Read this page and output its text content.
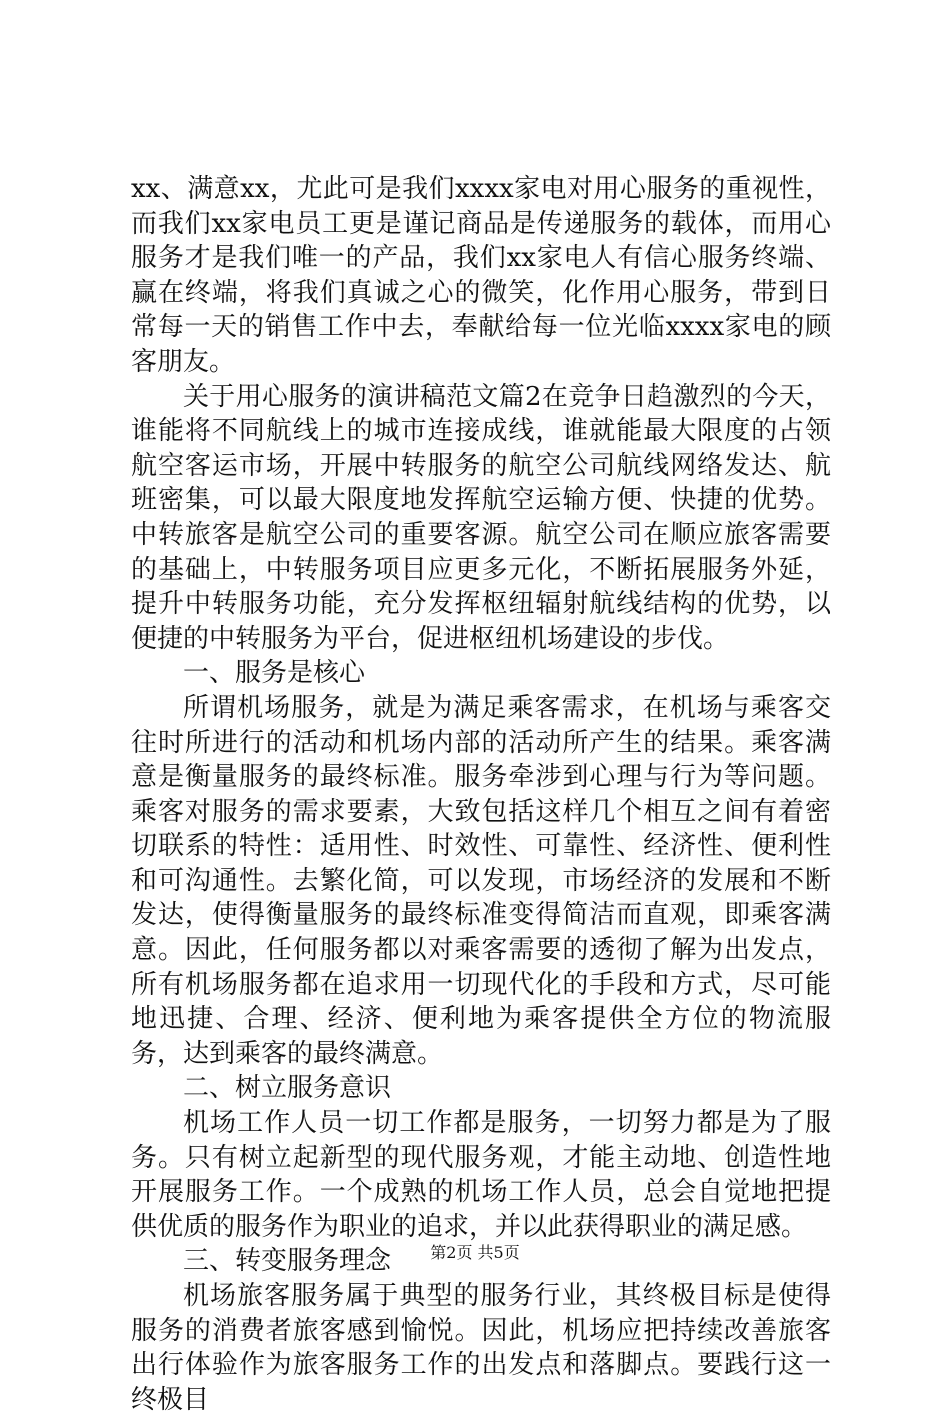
xx、满意xx，尤此可是我们xxxx家电对用心服务的重视性，而我们xx家电员工更是谨记商品是传递服务的载体，而用心服务才是我们唯一的产品，我们xx家电人有信心服务终端、赢在终端，将我们真诚之心的微笑，化作用心服务，带到日常每一天的销售工作中去，奉献给每一位光临xxxx家电的顾客朋友。

关于用心服务的演讲稿范文篇2在竞争日趋激烈的今天，谁能将不同航线上的城市连接成线，谁就能最大限度的占领航空客运市场，开展中转服务的航空公司航线网络发达、航班密集，可以最大限度地发挥航空运输方便、快捷的优势。中转旅客是航空公司的重要客源。航空公司在顺应旅客需要的基础上，中转服务项目应更多元化，不断拓展服务外延，提升中转服务功能，充分发挥枢纽辐射航线结构的优势，以便捷的中转服务为平台，促进枢纽机场建设的步伐。

一、服务是核心

所谓机场服务，就是为满足乘客需求，在机场与乘客交往时所进行的活动和机场内部的活动所产生的结果。乘客满意是衡量服务的最终标准。服务牵涉到心理与行为等问题。乘客对服务的需求要素，大致包括这样几个相互之间有着密切联系的特性：适用性、时效性、可靠性、经济性、便利性和可沟通性。去繁化简，可以发现，市场经济的发展和不断发达，使得衡量服务的最终标准变得简洁而直观，即乘客满意。因此，任何服务都以对乘客需要的透彻了解为出发点，所有机场服务都在追求用一切现代化的手段和方式，尽可能地迅捷、合理、经济、便利地为乘客提供全方位的物流服务，达到乘客的最终满意。

二、树立服务意识

机场工作人员一切工作都是服务，一切努力都是为了服务。只有树立起新型的现代服务观，才能主动地、创造性地开展服务工作。一个成熟的机场工作人员，总会自觉地把提供优质的服务作为职业的追求，并以此获得职业的满足感。

三、转变服务理念

机场旅客服务属于典型的服务行业，其终极目标是使得服务的消费者旅客感到愉悦。因此，机场应把持续改善旅客出行体验作为旅客服务工作的出发点和落脚点。要践行这一终极目

第2页 共5页
